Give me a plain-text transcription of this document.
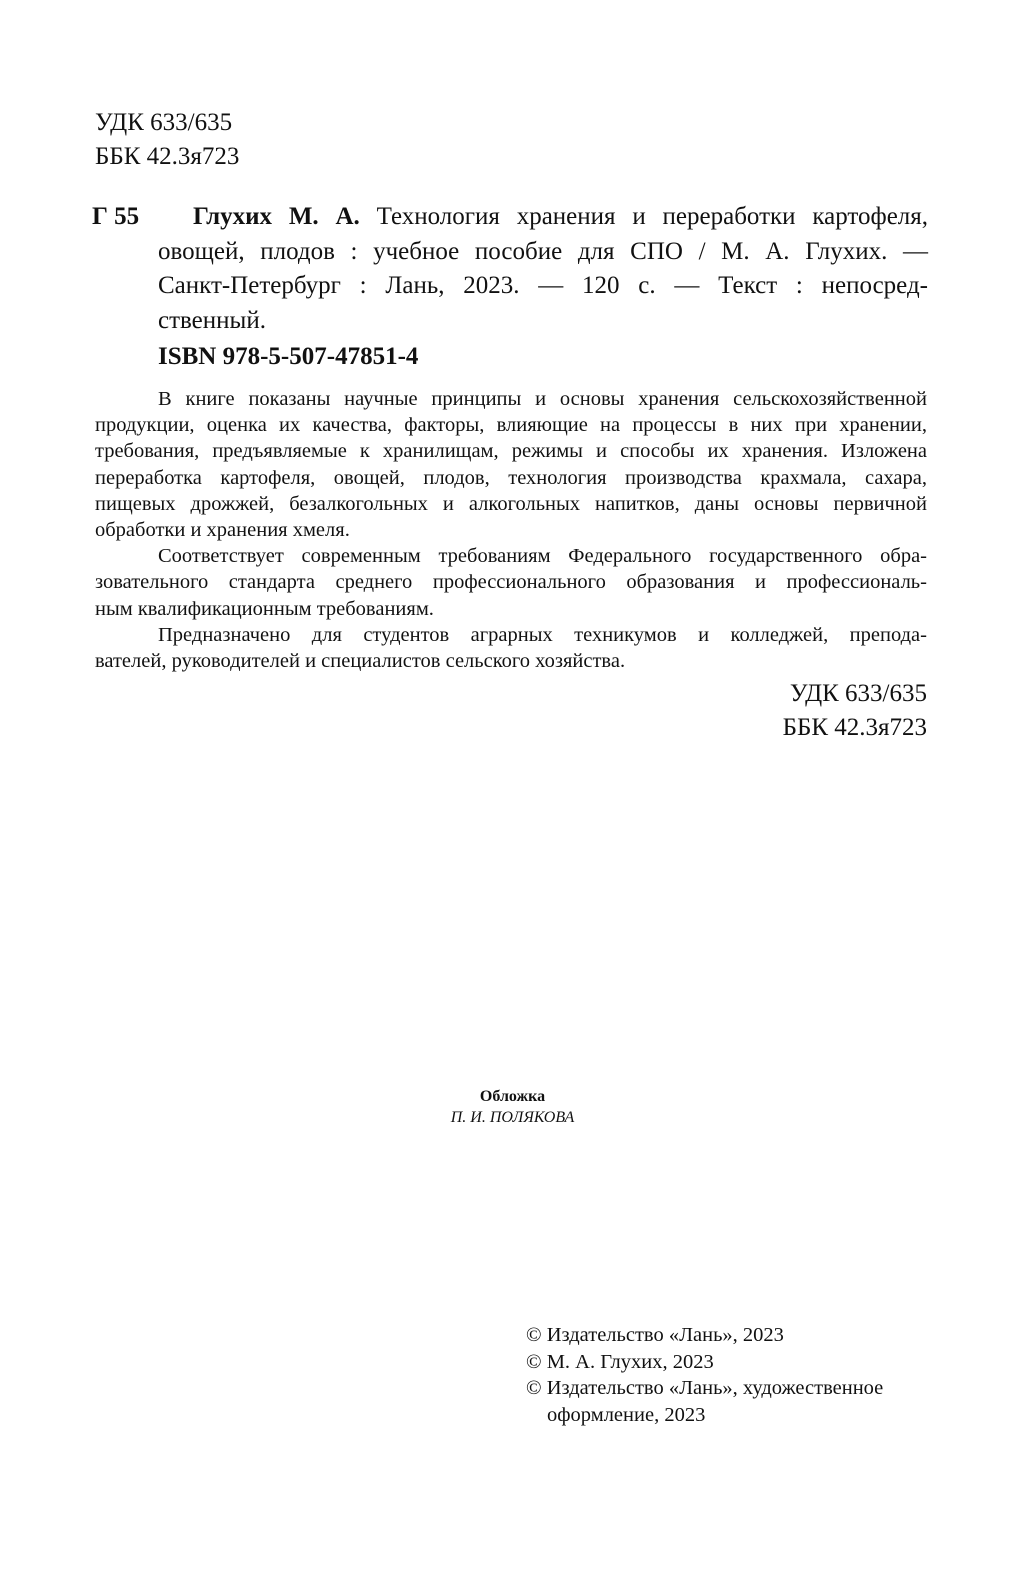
УДК 633/635
ББК 42.3я723
Г 55	Глухих М. А. Технология хранения и переработки картофеля,
овощей, плодов : учебное пособие для СПО / М. А. Глухих. —
Санкт-Петербург : Лань, 2023. — 120 с. — Текст : непосред-
ственный.
ISBN 978-5-507-47851-4
В книге показаны научные принципы и основы хранения сельскохозяйственной
продукции, оценка их качества, факторы, влияющие на процессы в них при хранении,
требования, предъявляемые к хранилищам, режимы и способы их хранения. Изложена
переработка картофеля, овощей, плодов, технология производства крахмала, сахара,
пищевых дрожжей, безалкогольных и алкогольных напитков, даны основы первичной
обработки и хранения хмеля.
Соответствует современным требованиям Федерального государственного обра-
зовательного стандарта среднего профессионального образования и профессиональ-
ным квалификационным требованиям.
Предназначено для студентов аграрных техникумов и колледжей, препода-
вателей, руководителей и специалистов сельского хозяйства.
УДК 633/635
ББК 42.3я723
Обложка
П. И. ПОЛЯКОВА
© Издательство «Лань», 2023
© М. А. Глухих, 2023
© Издательство «Лань», художественное
оформление, 2023
